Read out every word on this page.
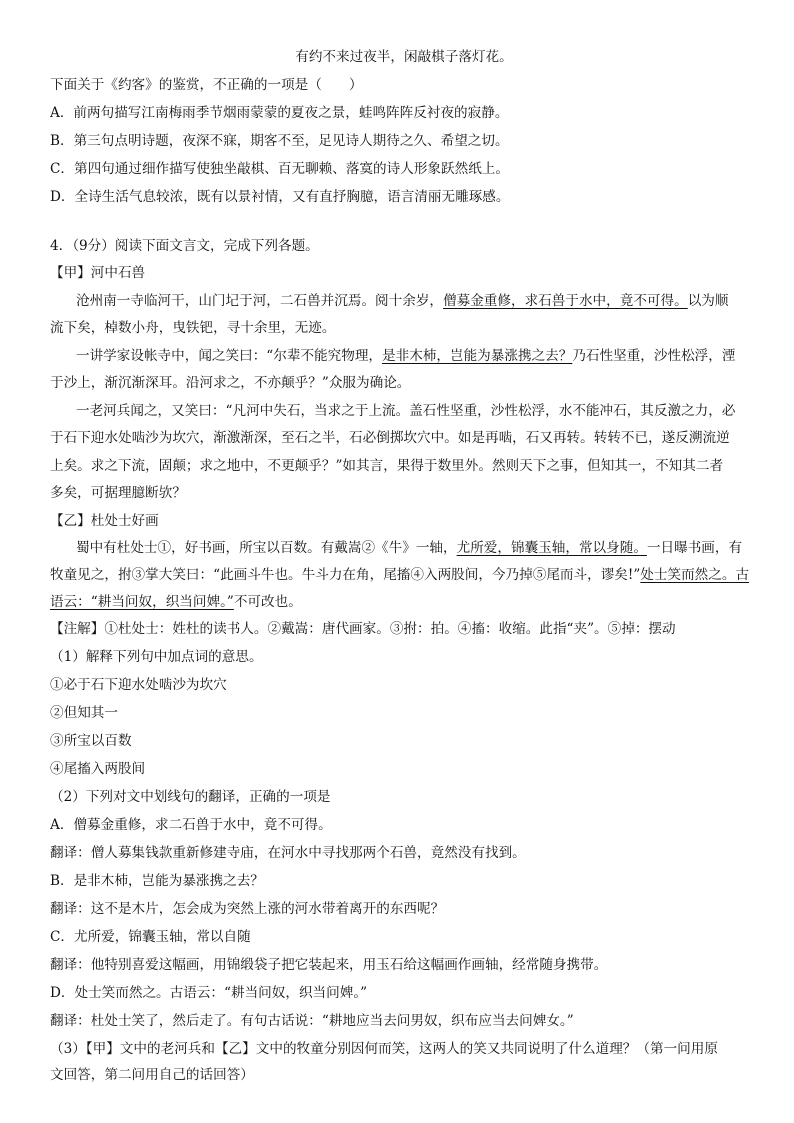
有约不来过夜半，闲敲棋子落灯花。
下面关于《约客》的鉴赏，不正确的一项是（　　）
A．前两句描写江南梅雨季节烟雨蒙蒙的夏夜之景，蛙鸣阵阵反衬夜的寂静。
B．第三句点明诗题，夜深不寐，期客不至，足见诗人期待之久、希望之切。
C．第四句通过细作描写使独坐敲棋、百无聊赖、落寞的诗人形象跃然纸上。
D．全诗生活气息较浓，既有以景衬情，又有直抒胸臆，语言清丽无雕琢感。
4．（9分）阅读下面文言文，完成下列各题。
【甲】河中石兽
沧州南一寺临河干，山门圮于河，二石兽并沉焉。阅十余岁，僧募金重修，求石兽于水中，竟不可得。以为顺
流下矣，棹数小舟，曳铁钯，寻十余里，无迹。
一讲学家设帐寺中，闻之笑曰：“尔辈不能究物理，是非木杮，岂能为暴涨携之去？乃石性坚重，沙性松浮，湮
于沙上，渐沉渐深耳。沿河求之，不亦颠乎？”众服为确论。
一老河兵闻之，又笑曰：“凡河中失石，当求之于上流。盖石性坚重，沙性松浮，水不能冲石，其反激之力，必
于石下迎水处啮沙为坎穴，渐激渐深，至石之半，石必倒掷坎穴中。如是再啮，石又再转。转转不已，遂反溯流逆
上矣。求之下流，固颠；求之地中，不更颠乎？”如其言，果得于数里外。然则天下之事，但知其一，不知其二者
多矣，可据理臆断欤？
【乙】杜处士好画
蜀中有杜处士①，好书画，所宝以百数。有戴嵩②《牛》一轴，尤所爱，锦囊玉轴，常以身随。一日曝书画，有
牧童见之，拊③掌大笑曰：“此画斗牛也。牛斗力在角，尾搐④入两股间，今乃掉⑤尾而斗，谬矣!”处士笑而然之。古
语云：“耕当问奴，织当问婢。”不可改也。
【注解】①杜处士：姓杜的读书人。②戴嵩：唐代画家。③拊：拍。④搐：收缩。此指“夹”。⑤掉：摆动
（1）解释下列句中加点词的意思。
①必于石下迎水处啮沙为坎穴
②但知其一
③所宝以百数
④尾搐入两股间
（2）下列对文中划线句的翻译，正确的一项是
A．僧募金重修，求二石兽于水中，竟不可得。
翻译：僧人募集钱款重新修建寺庙，在河水中寻找那两个石兽，竟然没有找到。
B．是非木杮，岂能为暴涨携之去？
翻译：这不是木片，怎会成为突然上涨的河水带着离开的东西呢？
C．尤所爱，锦囊玉轴，常以自随
翻译：他特别喜爱这幅画，用锦缎袋子把它装起来，用玉石给这幅画作画轴，经常随身携带。
D．处士笑而然之。古语云：“耕当问奴，织当问婢。”
翻译：杜处士笑了，然后走了。有句古话说：“耕地应当去问男奴，织布应当去问婢女。”
（3）【甲】文中的老河兵和【乙】文中的牧童分别因何而笑，这两人的笑又共同说明了什么道理？（第一问用原
文回答，第二问用自己的话回答）
